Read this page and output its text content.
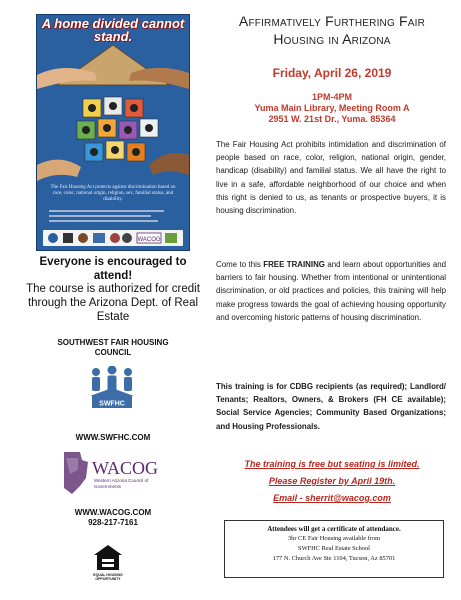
A home divided cannot stand.
The Fair Housing Act protects against discrimination based on race, color, national origin, religion, sex, familial status, and disability.
WACOG
Everyone is encouraged to attend!
The course is authorized for credit through the Arizona Dept. of Real Estate
SOUTHWEST FAIR HOUSING COUNCIL
SWFHC
WWW.SWFHC.COM
WACOG
Western Arizona Council of Governments
WWW.WACOG.COM
928-217-7161
EQUAL HOUSING OPPORTUNITY
Affirmatively Furthering Fair Housing in Arizona
Friday, April 26, 2019
1PM-4PM
Yuma Main Library, Meeting Room A
2951 W. 21st Dr., Yuma. 85364
The Fair Housing Act prohibits intimidation and discrimination of people based on race, color, religion, national origin, gender, handicap (disability) and familial status. We all have the right to live in a safe, affordable neighborhood of our choice and when this right is denied to us, as tenants or prospective buyers, it is housing discrimination.
Come to this FREE TRAINING and learn about opportunities and barriers to fair housing. Whether from intentional or unintentional discrimination, or old practices and policies, this training will help make progress towards the goal of achieving housing opportunity and overcoming historic patterns of housing discrimination.
This training is for CDBG recipients (as required); Landlord/ Tenants; Realtors, Owners, & Brokers (FH CE available); Social Service Agencies; Community Based Organizations; and Housing Professionals.
The training is free but seating is limited.
Please Register by April 19th.
Email - sherrit@wacog.com
Attendees will get a certificate of attendance.
3hr CE Fair Housing available from
SWFHC Real Estate School
177 N. Church Ave Ste 1104, Tucson, Az 85701
